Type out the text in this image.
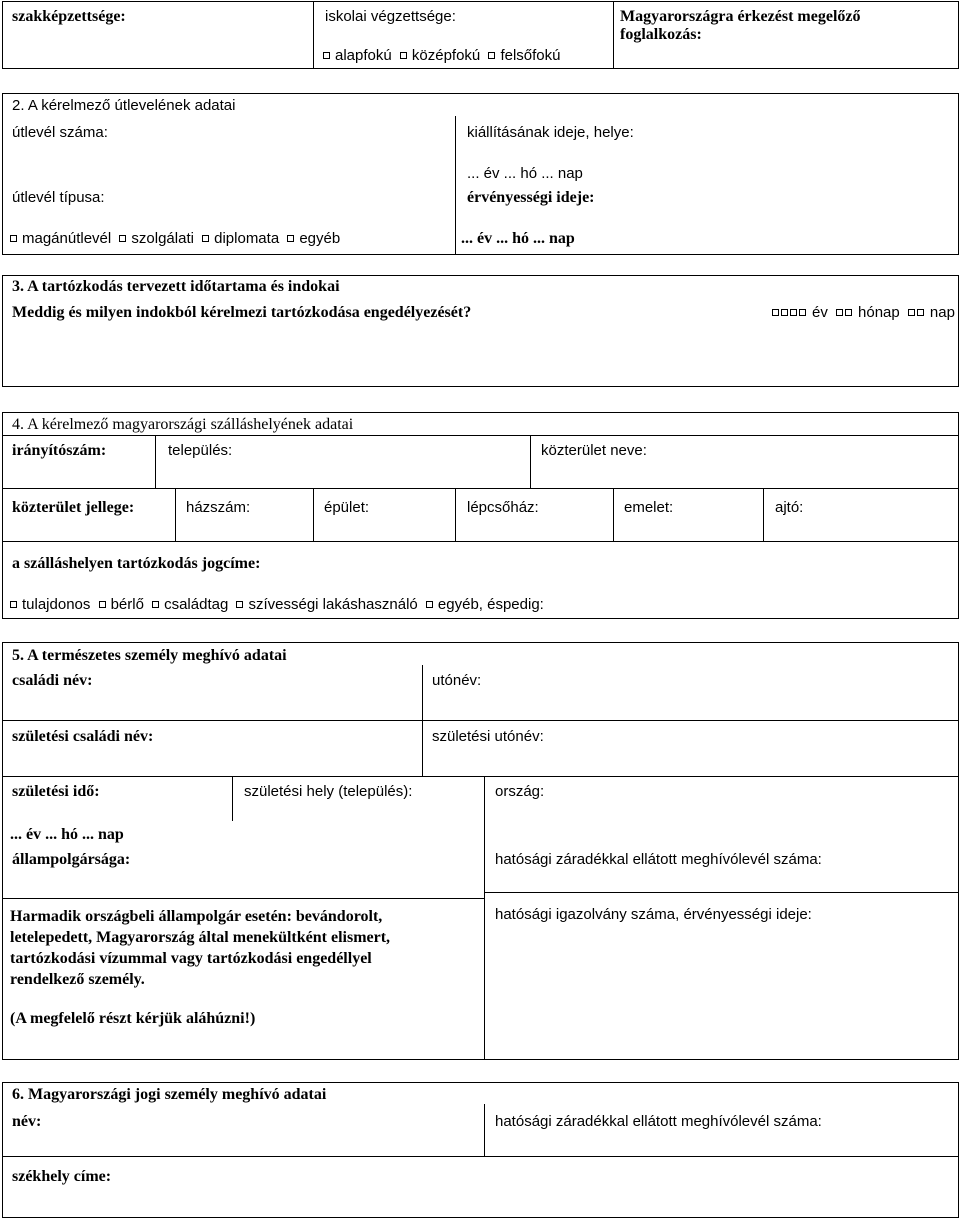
szakképzettsége:	iskolai végzettsége:
alapfokú középfokú felsőfokú
Magyarországra érkezést megelőző foglalkozás:
2. A kérelmező útlevelének adatai
útlevél száma:	kiállításának ideje, helye:
... év ... hó ... nap
útlevél típusa:	érvényességi ideje:
magánútlevél szolgálati diplomata egyéb	... év ... hó ... nap
3. A tartózkodás tervezett időtartama és indokai
Meddig és milyen indokból kérelmezi tartózkodása engedélyezését?	év hónap nap
4. A kérelmező magyarországi szálláshelyének adatai
irányítószám:	település:	közterület neve:
közterület jellege:	házszám:	épület:	lépcsőház:	emelet:	ajtó:
a szálláshelyen tartózkodás jogcíme:
tulajdonos bérlő családtag szívességi lakáshasználó egyéb, éspedig:
5. A természetes személy meghívó adatai
családi név:	utónév:
születési családi név:	születési utónév:
születési idő:	születési hely (település):	ország:
... év ... hó ... nap
állampolgársága:	hatósági záradékkal ellátott meghívólevél száma:
Harmadik országbeli állampolgár esetén: bevándorolt, letelepedett, Magyarország által menekültként elismert, tartózkodási vízummal vagy tartózkodási engedéllyel rendelkező személy.
(A megfelelő részt kérjük aláhúzni!)
hatósági igazolvány száma, érvényességi ideje:
6. Magyarországi jogi személy meghívó adatai
név:	hatósági záradékkal ellátott meghívólevél száma:
székhely címe:
